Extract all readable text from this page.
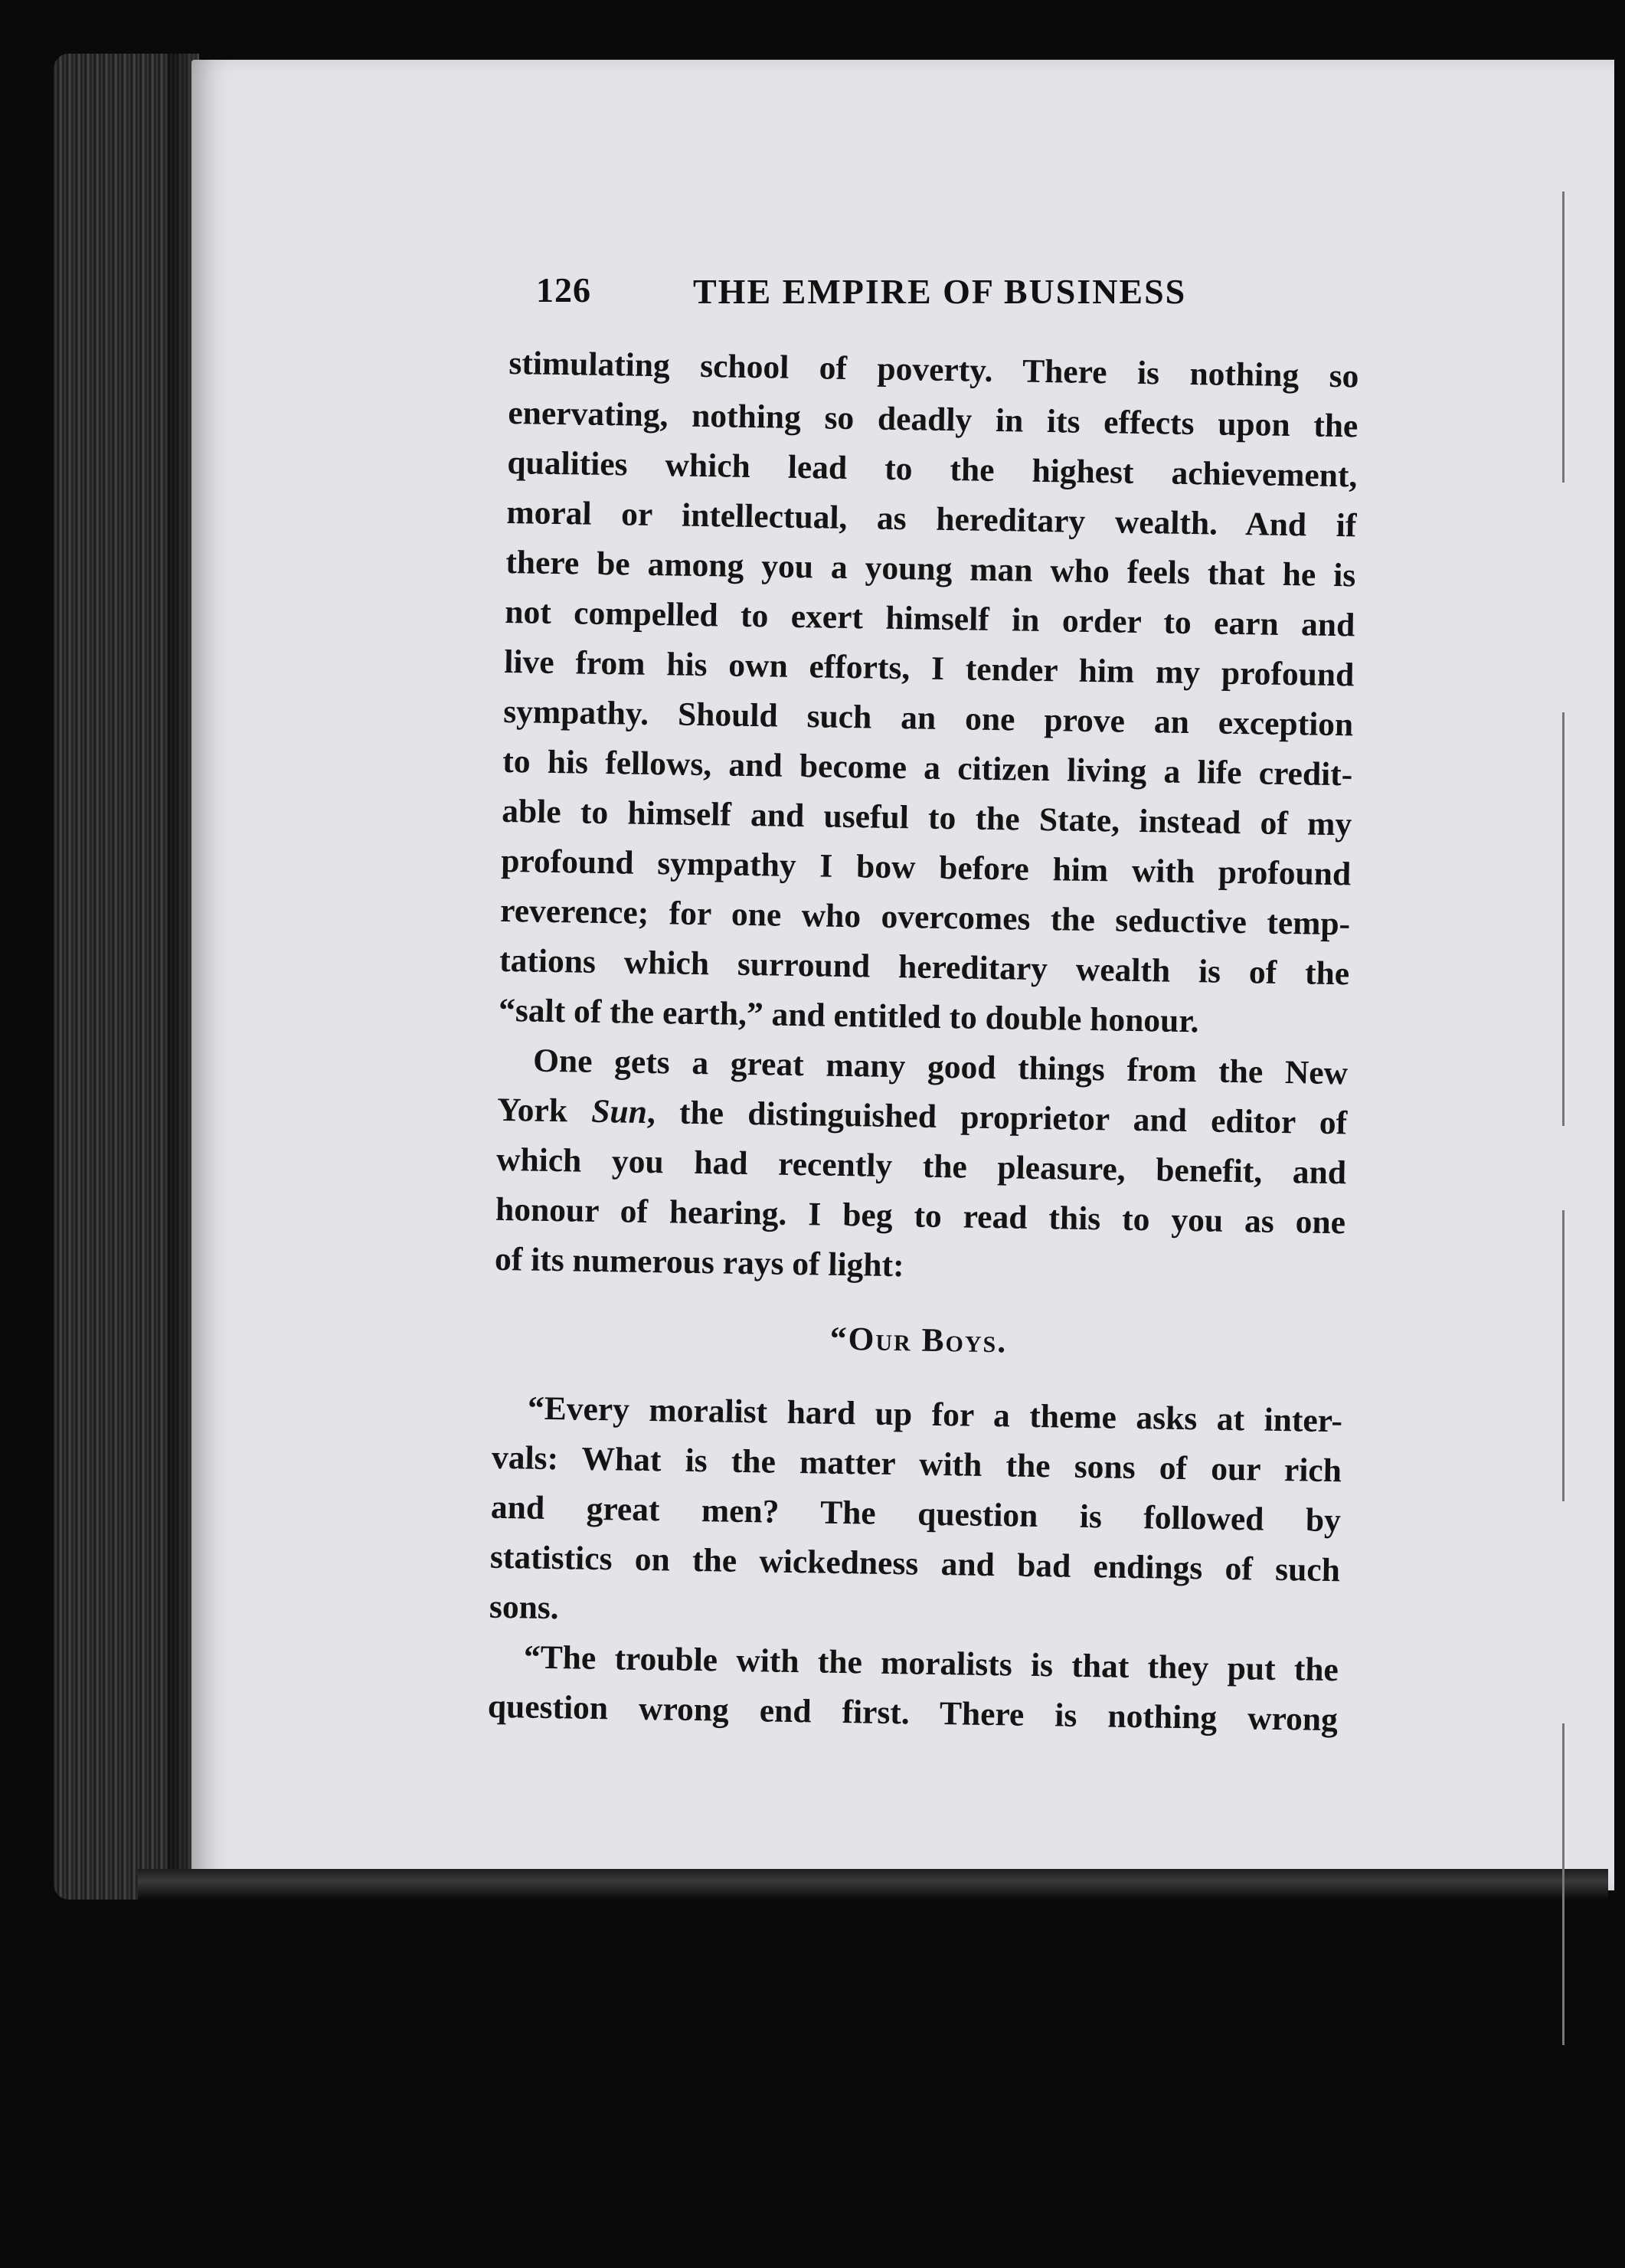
126	THE EMPIRE OF BUSINESS
stimulating school of poverty. There is nothing so
enervating, nothing so deadly in its effects upon the
qualities which lead to the highest achievement,
moral or intellectual, as hereditary wealth. And if
there be among you a young man who feels that he is
not compelled to exert himself in order to earn and
live from his own efforts, I tender him my profound
sympathy. Should such an one prove an exception
to his fellows, and become a citizen living a life credit-
able to himself and useful to the State, instead of my
profound sympathy I bow before him with profound
reverence; for one who overcomes the seductive temp-
tations which surround hereditary wealth is of the
“salt of the earth,” and entitled to double honour.
One gets a great many good things from the New
York Sun, the distinguished proprietor and editor of
which you had recently the pleasure, benefit, and
honour of hearing. I beg to read this to you as one
of its numerous rays of light:
“Our Boys.
“Every moralist hard up for a theme asks at inter-
vals: What is the matter with the sons of our rich
and great men? The question is followed by
statistics on the wickedness and bad endings of such
sons.
“The trouble with the moralists is that they put the
question wrong end first. There is nothing wrong
